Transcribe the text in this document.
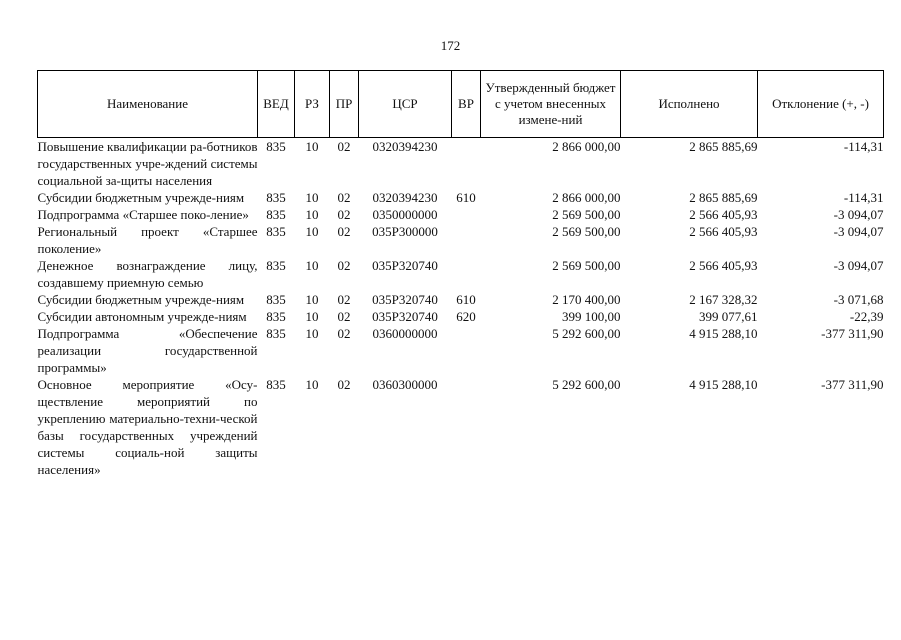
172
Наименование	ВЕД	РЗ	ПР	ЦСР	ВР	Утвержденный бюджет с учетом внесенных измене-ний	Исполнено	Отклонение (+, -)
Повышение квалификации ра-ботников государственных учре-ждений системы социальной за-щиты населения	835	10	02	0320394230		2 866 000,00	2 865 885,69	-114,31
Субсидии бюджетным учрежде-ниям	835	10	02	0320394230	610	2 866 000,00	2 865 885,69	-114,31
Подпрограмма «Старшее поко-ление»	835	10	02	0350000000		2 569 500,00	2 566 405,93	-3 094,07
Региональный проект «Старшее поколение»	835	10	02	035Р300000		2 569 500,00	2 566 405,93	-3 094,07
Денежное вознаграждение лицу, создавшему приемную семью	835	10	02	035Р320740		2 569 500,00	2 566 405,93	-3 094,07
Субсидии бюджетным учрежде-ниям	835	10	02	035Р320740	610	2 170 400,00	2 167 328,32	-3 071,68
Субсидии автономным учрежде-ниям	835	10	02	035Р320740	620	399 100,00	399 077,61	-22,39
Подпрограмма «Обеспечение реализации государственной программы»	835	10	02	0360000000		5 292 600,00	4 915 288,10	-377 311,90
Основное мероприятие «Осу-ществление мероприятий по укреплению материально-техни-ческой базы государственных учреждений системы социаль-ной защиты населения»	835	10	02	0360300000		5 292 600,00	4 915 288,10	-377 311,90
